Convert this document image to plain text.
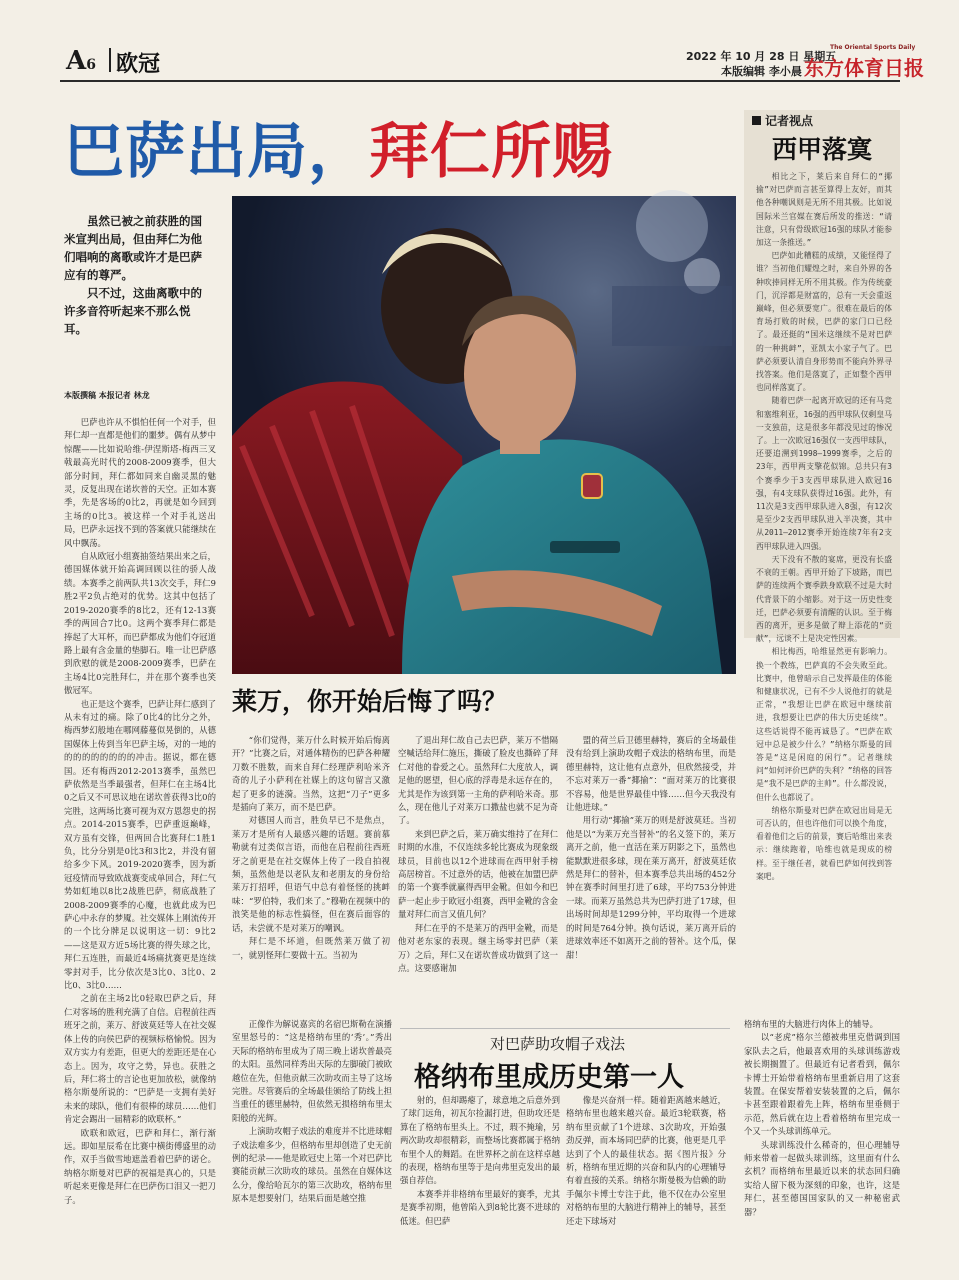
A6 欧冠	2022 年 10 月 28 日 星期五
本版编辑 李小晨
The Oriental Sports Daily
东方体育日报
巴萨出局，拜仁所赐

虽然已被之前获胜的国米宣判出局，但由拜仁为他们唱响的离歌或许才是巴萨应有的尊严。

只不过，这曲离歌中的许多音符听起来不那么悦耳。

本版撰稿 本报记者 林龙

巴萨也许从不惧怕任何一个对手，但拜仁却一直都是他们的噩梦。偶有从梦中惊醒——比如说哈维-伊涅斯塔-梅西三叉戟最高光时代的2008-2009赛季，但大部分时间，拜仁都如同来自幽灵黑的魅灵，反复出现在诺坎普的天空。正如本赛季，先是客场的0比2，再就是如今回到主场的0比3。被这样一个对手礼送出局，巴萨永远找不到的答案就只能继续在风中飘荡。

自从欧冠小组赛抽签结果出来之后，德国媒体就开始高调回顾以往的骄人战绩。本赛季之前两队共13次交手，拜仁9胜2平2负占绝对的优势。这其中包括了2019-2020赛季的8比2，还有12-13赛季的两回合7比0。这两个赛季拜仁都是捧起了大耳杯，而巴萨都成为他们夺冠道路上最有含金量的垫脚石。唯一让巴萨感到欣慰的就是2008-2009赛季，巴萨在主场4比0完胜拜仁，并在那个赛季也笑傲冠军。

也正是这个赛季，巴萨让拜仁感到了从未有过的痛。除了0比4的比分之外，梅西梦幻般地在哪网藤蔓似晃倒的，从德国媒体上传到当年巴萨主场，对的一地的的的的的的的的的冲击。据说，都在德国。还有梅西2012-2013赛季，虽然巴萨依然是当季最强者，但拜仁在主场4比0之后又不可思议地在诺坎普获得3比0的完胜，这两场比赛可视为双方恩怨史的拐点。2014-2015赛季，巴萨重返巅峰，双方虽有交锋，但两回合比赛拜仁1胜1负，比分分别是0比3和3比2，并没有留给多少下风。2019-2020赛季，因为新冠疫情而导致欧战赛变成单回合，拜仁气势如虹地以8比2战胜巴萨，彻底战胜了2008-2009赛季的心魔，也就此成为巴萨心中永存的梦魇。社交媒体上刚流传开的一个比分牌足以说明这一切：9比2——这是双方近5场比赛的得失球之比，拜仁五连胜，而最近4场痛扰赛更是连续零封对手，比分依次是3比0、3比0、2比0、3比0……

之前在主场2比0轻取巴萨之后，拜仁对客场的胜利充满了自信。启程前往西班牙之前，莱万、舒波莫廷等人在社交媒体上传的向侯巴萨的视频标格愉悦。因为双方实力有差距，但更大的差距还是在心态上。因为，攻守之势，异也。获胜之后，拜仁将士的言论也更加放松，就像纳格尔斯曼所说的：“巴萨是一支拥有美好未来的球队，他们有很棒的球员……他们肯定会踢出一届精彩的欧联杯。”

欧联和欧冠，巴萨和拜仁，渐行渐远。即如星辰希在比赛中横街傅盛里的动作，双手当做雪地遮盖看着巴萨的诺仑。纳格尔斯曼对巴萨的祝福是真心的，只是听起来更像是拜仁在巴萨伤口泪又一把刀子。

莱万，你开始后悔了吗？

“你们觉得，莱万什么时候开始后悔离开？”比赛之后，对通体精伤的巴萨各种耀刀数不胜数，而来自拜仁经理萨利哈米齐奇的儿子小萨利在社媒上的这句留言又激起了更多的涟漪。当然，这把“刀子”更多是插向了莱万，而不是巴萨。

对德国人而言，胜负早已不是焦点，莱万才是所有人最感兴趣的话题。赛前慕勒就有过类似言语，而他在启程前往西班牙之前更是在社交媒体上传了一段自拍视频，虽然他是以老队友和老朋友的身份给莱万打招呼，但语气中总有着怪怪的挑衅味：“罗伯特，我们来了。”穆勒在视频中的浪笑是他的标志性搞怪，但在赛后面容的话，未尝就不是对莱万的嘲讽。

拜仁是不坏道，但既然莱万做了初一，就别怪拜仁要做十五。当初为

了退出拜仁故自己去巴萨，莱万不惜隔空喊话给拜仁施压，撕破了脸皮也撕碎了拜仁对他的眷爱之心。虽然拜仁大度放人，调足他的愿望，但心底的浮毒是永远存在的，尤其是作为该到第一主角的萨利哈米奇。那么，现在他儿子对莱万口撒盐也就不足为奇了。

来到巴萨之后，莱万确实维持了在拜仁时期的水准，不仅连续多轮比赛成为现象级球员，目前也以12个进球而在西甲射手榜高居榜首。不过意外的话，他被在加盟巴萨的第一个赛季就赢得西甲金靴。但如今和巴萨一起止步于欧冠小组赛，西甲金靴的含金量对拜仁而言又值几何？

拜仁在乎的不是莱万的西甲金靴，而是他对老东家的表现。继主场零封巴萨（莱万）之后，拜仁又在诺坎普成功做到了这一点。这要感谢加

盟的荷兰后卫德里赫特，赛后的全场最佳没有给到上演助攻帽子戏法的格纳布里，而是德里赫特，这让他有点意外，但欣然接受，并不忘对莱万一番“揶揄”：“面对莱万的比赛很不容易，他是世界最佳中锋……但今天我没有让他进球。”

用行动“揶揄”莱万的则是舒波莫廷。当初他是以“为莱万充当替补”的名义签下的，莱万离开之前，他一直活在莱万阴影之下，虽然也能默默进很多球，现在莱万离开，舒波莫廷依然是拜仁的替补，但本赛季总共出场的452分钟在赛季时间里打进了6球，平均753分钟进一球。而莱万虽然总共为巴萨打进了17球，但出场时间却是1299分钟，平均取得一个进球的时间是764分钟。换句话说，莱万离开后的进球效率还不如离开之前的替补。这个瓜，保甜！

记者视点
西甲落寞

相比之下，莱后来自拜仁的“揶揄”对巴萨而言甚至算得上友好，而其他各种嘲讽则是无所不用其极。比如说国际米兰官媒在赛后所发的推送：“请注意，只有骨级欧冠16强的球队才能参加这一条推送。”

巴萨如此糟糕的成绩，又能怪得了谁？当初他们耀煌之时，来自外界的各种吹捧同样无所不用其极。作为传统豪门，沉浮都是财富的，总有一天会重返巅峰，但必须要宽广。很难在最后的体育场打败的时候，巴萨的家门口已经了。最还挺的“国米这继续不是对巴萨的一种挑衅”，亚凯太小家子气了。巴萨必须要认清自身形势而不能向外界寻找答案。他们是落寞了，正如整个西甲也同样落寞了。

随着巴萨一起离开欧冠的还有马竞和塞维利亚，16强的西甲球队仅剩皇马一支独苗，这是很多年都没见过的惨况了。上一次欧冠16强仅一支西甲球队，还要追溯到1998—1999赛季，之后的23年，西甲两支擎花似锦。总共只有3个赛季少于3支西甲球队进入欧冠16强，有4支球队获得过16强。此外，有11次是3支西甲球队进入8强，有12次是至少2支西甲球队进入半决赛，其中从2011—2012赛季开始连续7年有2支西甲球队进入四强。

天下没有不散的宴席，更没有长盛不衰的王朝。西甲开始了下坡路，而巴萨的连续两个赛季跌身欧联不过是大时代背景下的小缩影。对于这一历史性变迁，巴萨必须要有清醒的认识。至于梅西的离开，更多是做了辩上添花的“贡献”，远谈不上是决定性因素。

相比梅西，哈维显然更有影响力。换一个教练，巴萨真的不会失败至此。比赛中，他曾暗示自己发挥最佳的体能和健康状况，已有不少人说他打的就是正常，“我想让巴萨在欧冠中继续前进，我想要让巴萨的伟大历史延续”。这些话说得不能再诚恳了。“巴萨在欧冠中总是被少什么？”纳格尔斯曼的回答是“这是闲庭的闲行”。记者继续问“如何评价巴萨的失利？”纳格的回答是“我不是巴萨的主帅”。什么都没说，但什么也都说了。

纳格尔斯曼对巴萨在欧冠出局是无可否认的，但也许他们可以换个角度，看着他们之后的前景，赛后哈维出来表示：继续跑着，哈维也就是现成的榜样。至于继任者，就看巴萨如何找到答案吧。

对巴萨助攻帽子戏法
格纳布里成历史第一人

正像作为解说嘉宾的名宿巴斯勒在演播室里怒号的：“这是格纳布里的‘秀’。”秀出天际的格纳布里成为了周三晚上诺坎普最亮的太阳。虽然同样秀出天际的左脚破门被欧越位在先，但他贡献三次助攻而主导了这场完胜。尽管赛后的全场最佳颁给了防线上担当重任的德里赫特，但依然无损格纳布里太阳般的光辉。

上演助攻帽子戏法的难度并不比进球帽子戏法难多少，但格纳布里却创造了史无前例的纪录——他是欧冠史上第一个对巴萨比赛能贡献三次助攻的球员。虽然在自媒体这么分，像给哈瓦尔的第三次助攻，格纳布里原本是想要射门，结果后面是越空推

射的，但却踢瘪了，球意地之后意外到了球门远角，初瓦尔捡漏打进，但助攻还是算在了格纳布里头上。不过，瑕不掩瑜，另两次助攻却很精彩，而整场比赛都属于格纳布里个人的舞蹈。在世界杯之前在这样卓越的表现，格纳布里等于是向弗里克发出的最强自荐信。

本赛季并非格纳布里最好的赛季，尤其是赛季初期，他曾陷入到8轮比赛不进球的低迷。但巴萨

像是兴奋剂一样。随着距离越来越近，格纳布里也越来越兴奋。最近3轮联赛，格纳布里贡献了1个进球、3次助攻，开始强劲反弹，而本场同巴萨的比赛，他更是几乎达到了个人的最佳状态。据《图片报》分析，格纳布里近期的兴奋和队内的心理辅导有着直接的关系。纳格尔斯曼极为信赖的助手佩尔卡博士专注于此，他不仅在办公室里对格纳布里的大脑进行精神上的辅导，甚至还走下球场对

格纳布里的大脑进行肉体上的辅导。

以“老虎”格尔兰德被弗里克借调到国家队去之后，他最喜欢用的头球训练游戏被长期搁置了。但最近有记者看到，佩尔卡博士开始带着格纳布里重新启用了这套装置。在保安帮着安装装置的之后，佩尔卡甚至跟着跟着先上阵，格纳布里垂侧于示范，然后就在边上看着格纳布里完成一个又一个头球训练单元。

头球训练没什么稀奇的，但心理辅导师来带着一起做头球训练，这里面有什么玄机？而格纳布里最近以来的状态回归确实给人留下极为深刻的印象，也许，这是拜仁，甚至德国国家队的又一种秘密武器？
